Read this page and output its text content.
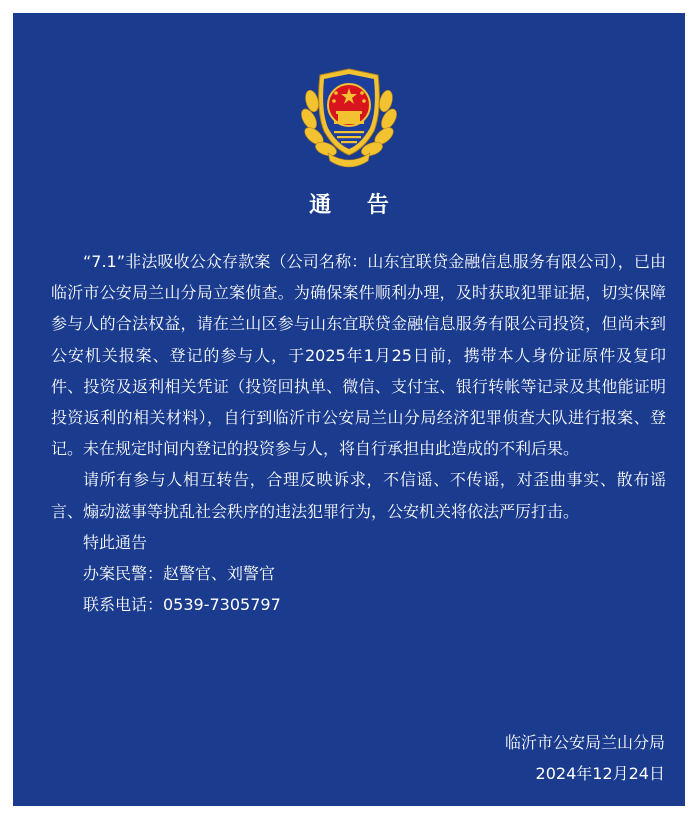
通 告

“7.1”非法吸收公众存款案（公司名称：山东宜联贷金融信息服务有限公司），已由临沂市公安局兰山分局立案侦查。为确保案件顺利办理，及时获取犯罪证据，切实保障参与人的合法权益，请在兰山区参与山东宜联贷金融信息服务有限公司投资，但尚未到公安机关报案、登记的参与人，于2025年1月25日前，携带本人身份证原件及复印件、投资及返利相关凭证（投资回执单、微信、支付宝、银行转帐等记录及其他能证明投资返利的相关材料），自行到临沂市公安局兰山分局经济犯罪侦查大队进行报案、登记。未在规定时间内登记的投资参与人，将自行承担由此造成的不利后果。

请所有参与人相互转告，合理反映诉求，不信谣、不传谣，对歪曲事实、散布谣言、煽动滋事等扰乱社会秩序的违法犯罪行为，公安机关将依法严厉打击。

特此通告

办案民警：赵警官、刘警官

联系电话：0539-7305797

临沂市公安局兰山分局
2024年12月24日
